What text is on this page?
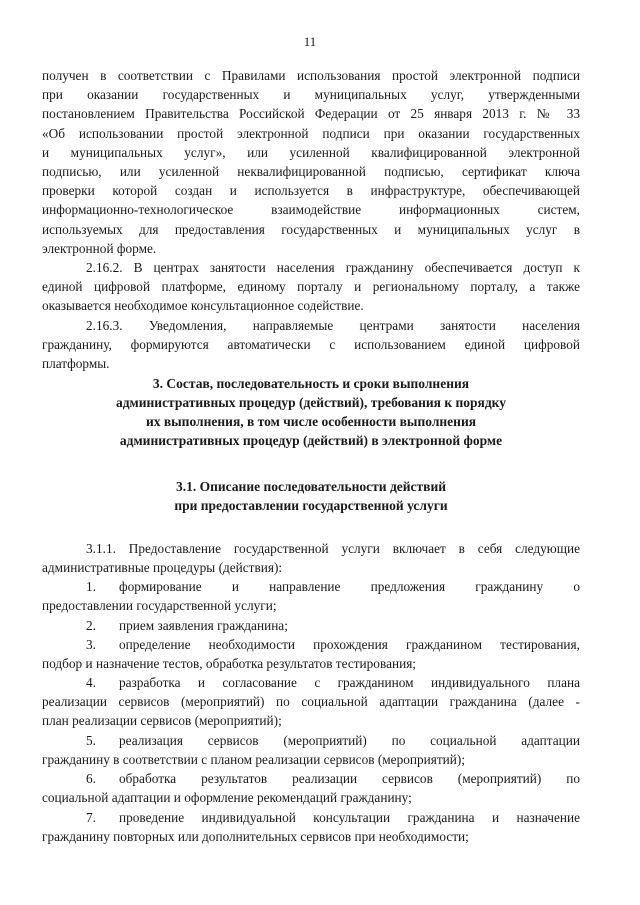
11
получен в соответствии с Правилами использования простой электронной подписи
при оказании государственных и муниципальных услуг, утвержденными
постановлением Правительства Российской Федерации от 25 января 2013 г. № 33
«Об использовании простой электронной подписи при оказании государственных
и муниципальных услуг», или усиленной квалифицированной электронной
подписью, или усиленной неквалифицированной подписью, сертификат ключа
проверки которой создан и используется в инфраструктуре, обеспечивающей
информационно-технологическое взаимодействие информационных систем,
используемых для предоставления государственных и муниципальных услуг в
электронной форме.
2.16.2. В центрах занятости населения гражданину обеспечивается доступ к
единой цифровой платформе, единому порталу и региональному порталу, а также
оказывается необходимое консультационное содействие.
2.16.3. Уведомления, направляемые центрами занятости населения
гражданину, формируются автоматически с использованием единой цифровой
платформы.
3. Состав, последовательность и сроки выполнения
административных процедур (действий), требования к порядку
их выполнения, в том числе особенности выполнения
административных процедур (действий) в электронной форме
3.1. Описание последовательности действий
при предоставлении государственной услуги
3.1.1. Предоставление государственной услуги включает в себя следующие
административные процедуры (действия):
1.	формирование и направление предложения гражданину о
предоставлении государственной услуги;
2.	прием заявления гражданина;
3.	определение необходимости прохождения гражданином тестирования,
подбор и назначение тестов, обработка результатов тестирования;
4.	разработка и согласование с гражданином индивидуального плана
реализации сервисов (мероприятий) по социальной адаптации гражданина (далее -
план реализации сервисов (мероприятий);
5.	реализация сервисов (мероприятий) по социальной адаптации
гражданину в соответствии с планом реализации сервисов (мероприятий);
6.	обработка результатов реализации сервисов (мероприятий) по
социальной адаптации и оформление рекомендаций гражданину;
7.	проведение индивидуальной консультации гражданина и назначение
гражданину повторных или дополнительных сервисов при необходимости;
